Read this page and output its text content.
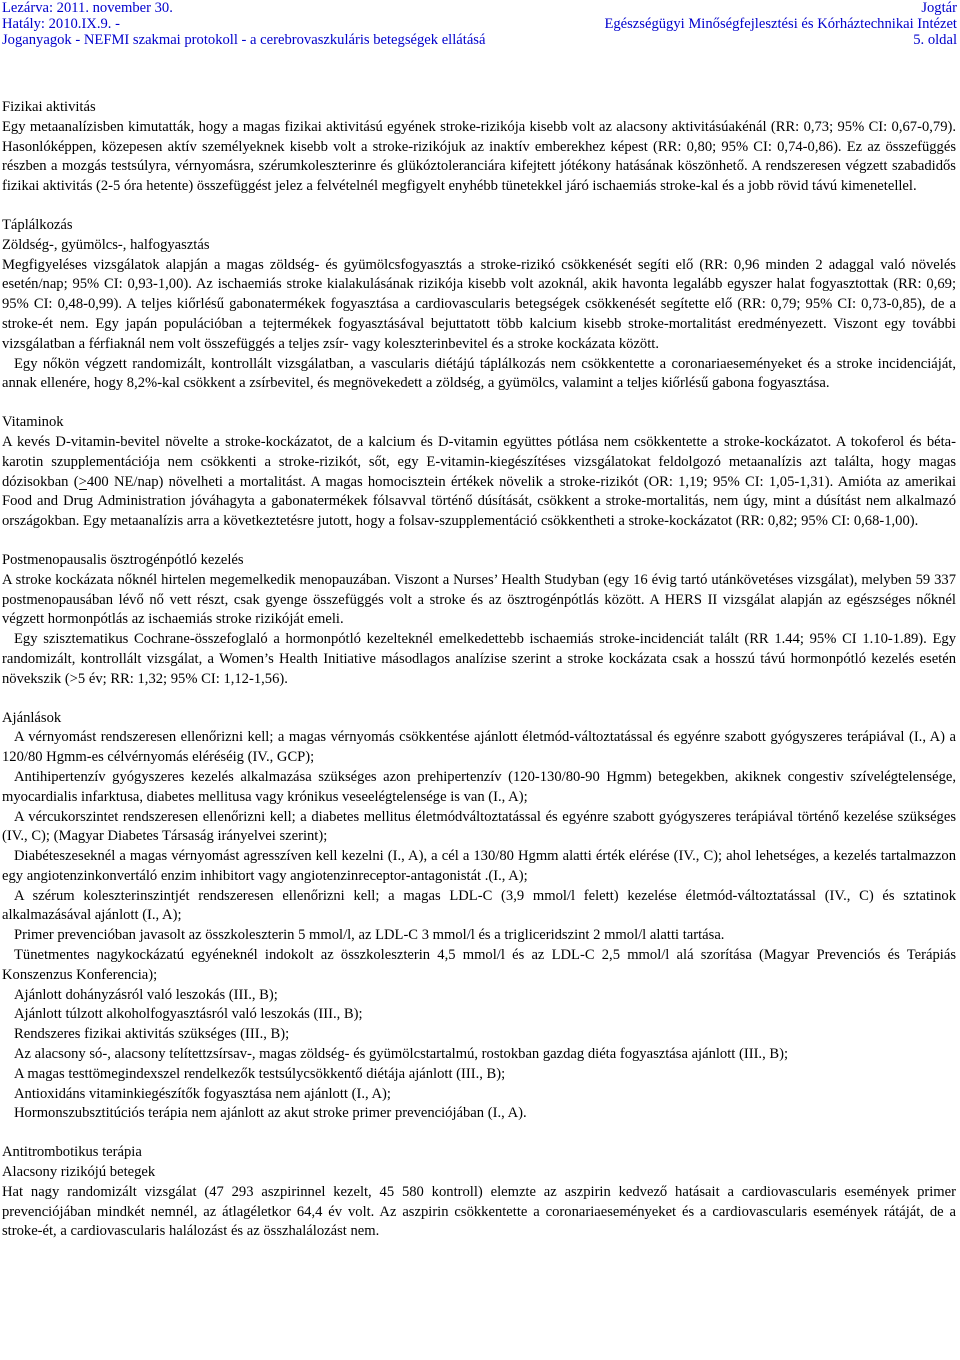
Lezárva: 2011. november 30.
Hatály: 2010.IX.9. -
Joganyagok - NEFMI szakmai protokoll - a cerebrovaszkuláris betegségek ellátásá
Jogtár
Egészségügyi Minőségfejlesztési és Kórháztechnikai Intézet
5. oldal
Fizikai aktivitás

Egy metaanalízisben kimutatták, hogy a magas fizikai aktivitású egyének stroke-rizikója kisebb volt az alacsony aktivitásúakénál (RR: 0,73; 95% CI: 0,67-0,79). Hasonlóképpen, közepesen aktív személyeknek kisebb volt a stroke-rizikójuk az inaktív emberekhez képest (RR: 0,80; 95% CI: 0,74-0,86). Ez az összefüggés részben a mozgás testsúlyra, vérnyomásra, szérumkoleszterinre és glükóztoleranciára kifejtett jótékony hatásának köszönhető. A rendszeresen végzett szabadidős fizikai aktivitás (2-5 óra hetente) összefüggést jelez a felvételnél megfigyelt enyhébb tünetekkel járó ischaemiás stroke-kal és a jobb rövid távú kimenetellel.

Táplálkozás
Zöldség-, gyümölcs-, halfogyasztás

Megfigyeléses vizsgálatok alapján a magas zöldség- és gyümölcsfogyasztás a stroke-rizikó csökkenését segíti elő (RR: 0,96 minden 2 adaggal való növelés esetén/nap; 95% CI: 0,93-1,00). Az ischaemiás stroke kialakulásának rizikója kisebb volt azoknál, akik havonta legalább egyszer halat fogyasztottak (RR: 0,69; 95% CI: 0,48-0,99). A teljes kiőrlésű gabonatermékek fogyasztása a cardiovascularis betegségek csökkenését segítette elő (RR: 0,79; 95% CI: 0,73-0,85), de a stroke-ét nem. Egy japán populációban a tejtermékek fogyasztásával bejuttatott több kalcium kisebb stroke-mortalitást eredményezett. Viszont egy további vizsgálatban a férfiaknál nem volt összefüggés a teljes zsír- vagy koleszterinbevitel és a stroke kockázata között.

Egy nőkön végzett randomizált, kontrollált vizsgálatban, a vascularis diétájú táplálkozás nem csökkentette a coronariaeseményeket és a stroke incidenciáját, annak ellenére, hogy 8,2%-kal csökkent a zsírbevitel, és megnövekedett a zöldség, a gyümölcs, valamint a teljes kiőrlésű gabona fogyasztása.

Vitaminok

A kevés D-vitamin-bevitel növelte a stroke-kockázatot, de a kalcium és D-vitamin együttes pótlása nem csökkentette a stroke-kockázatot. A tokoferol és béta-karotin szupplementációja nem csökkenti a stroke-rizikót, sőt, egy E-vitamin-kiegészítéses vizsgálatokat feldolgozó metaanalízis azt találta, hogy magas dózisokban (>400 NE/nap) növelheti a mortalitást. A magas homocisztein értékek növelik a stroke-rizikót (OR: 1,19; 95% CI: 1,05-1,31). Amióta az amerikai Food and Drug Administration jóváhagyta a gabonatermékek fólsavval történő dúsítását, csökkent a stroke-mortalitás, nem úgy, mint a dúsítást nem alkalmazó országokban. Egy metaanalízis arra a következtetésre jutott, hogy a folsav-szupplementáció csökkentheti a stroke-kockázatot (RR: 0,82; 95% CI: 0,68-1,00).

Postmenopausalis ösztrogénpótló kezelés

A stroke kockázata nőknél hirtelen megemelkedik menopauzában. Viszont a Nurses’ Health Studyban (egy 16 évig tartó utánkövetéses vizsgálat), melyben 59 337 postmenopausában lévő nő vett részt, csak gyenge összefüggés volt a stroke és az ösztrogénpótlás között. A HERS II vizsgálat alapján az egészséges nőknél végzett hormonpótlás az ischaemiás stroke rizikóját emeli.

Egy szisztematikus Cochrane-összefoglaló a hormonpótló kezelteknél emelkedettebb ischaemiás stroke-incidenciát talált (RR 1.44; 95% CI 1.10-1.89). Egy randomizált, kontrollált vizsgálat, a Women’s Health Initiative másodlagos analízise szerint a stroke kockázata csak a hosszú távú hormonpótló kezelés esetén növekszik (>5 év; RR: 1,32; 95% CI: 1,12-1,56).

Ajánlások

A vérnyomást rendszeresen ellenőrizni kell; a magas vérnyomás csökkentése ajánlott életmód-változtatással és egyénre szabott gyógyszeres terápiával (I., A) a 120/80 Hgmm-es célvérnyomás eléréséig (IV., GCP);

Antihipertenzív gyógyszeres kezelés alkalmazása szükséges azon prehipertenzív (120-130/80-90 Hgmm) betegekben, akiknek congestiv szívelégtelensége, myocardialis infarktusa, diabetes mellitusa vagy krónikus veseelégtelensége is van (I., A);

A vércukorszintet rendszeresen ellenőrizni kell; a diabetes mellitus életmódváltoztatással és egyénre szabott gyógyszeres terápiával történő kezelése szükséges (IV., C); (Magyar Diabetes Társaság irányelvei szerint);

Diabéteszeseknél a magas vérnyomást agresszíven kell kezelni (I., A), a cél a 130/80 Hgmm alatti érték elérése (IV., C); ahol lehetséges, a kezelés tartalmazzon egy angiotenzinkonvertáló enzim inhibitort vagy angiotenzinreceptor-antagonistát .(I., A);

A szérum koleszterinszintjét rendszeresen ellenőrizni kell; a magas LDL-C (3,9 mmol/l felett) kezelése életmód-változtatással (IV., C) és sztatinok alkalmazásával ajánlott (I., A);

Primer prevencióban javasolt az összkoleszterin 5 mmol/l, az LDL-C 3 mmol/l és a trigliceridszint 2 mmol/l alatti tartása.

Tünetmentes nagykockázatú egyéneknél indokolt az összkoleszterin 4,5 mmol/l és az LDL-C 2,5 mmol/l alá szorítása (Magyar Prevenciós és Terápiás Konszenzus Konferencia);

Ajánlott dohányzásról való leszokás (III., B);

Ajánlott túlzott alkoholfogyasztásról való leszokás (III., B);

Rendszeres fizikai aktivitás szükséges (III., B);

Az alacsony só-, alacsony telítettzsírsav-, magas zöldség- és gyümölcstartalmú, rostokban gazdag diéta fogyasztása ajánlott (III., B);

A magas testtömegindexszel rendelkezők testsúlycsökkentő diétája ajánlott (III., B);

Antioxidáns vitaminkiegészítők fogyasztása nem ajánlott (I., A);

Hormonszubsztitúciós terápia nem ajánlott az akut stroke primer prevenciójában (I., A).

Antitrombotikus terápia
Alacsony rizikójú betegek

Hat nagy randomizált vizsgálat (47 293 aszpirinnel kezelt, 45 580 kontroll) elemzte az aszpirin kedvező hatásait a cardiovascularis események primer prevenciójában mindkét nemnél, az átlagéletkor 64,4 év volt. Az aszpirin csökkentette a coronariaeseményeket és a cardiovascularis események rátáját, de a stroke-ét, a cardiovascularis halálozást és az összhalálozást nem.
